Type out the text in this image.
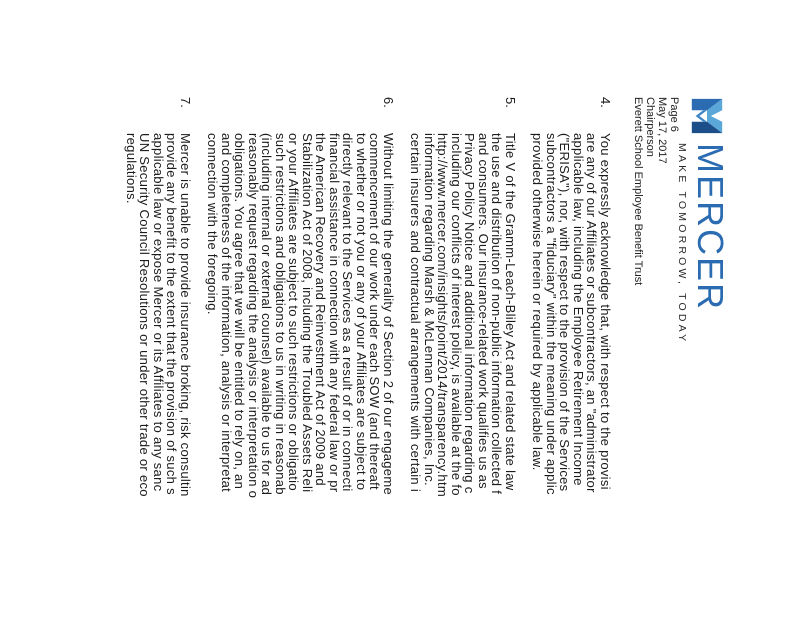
MERCER
MAKE TOMORROW, TODAY
Page 6
May 17, 2017
Chairperson
Everett School Employee Benefit Trust
4.
You expressly acknowledge that, with respect to the provisi
are any of our Affiliates or subcontractors, an "administrator
applicable law, including the Employee Retirement Income
("ERISA"), nor, with respect to the provision of the Services
subcontractors a "fiduciary" within the meaning under applic
provided otherwise herein or required by applicable law.
5.
Title V of the Gramm-Leach-Bliley Act and related state law
the use and distribution of non-public information collected f
and consumers. Our insurance-related work qualifies us as
Privacy Policy Notice and additional information regarding c
including our conflicts of interest policy, is available at the fo
http://www.mercer.com/insights/point/2014/transparency.htm
information regarding Marsh & McLennan Companies, Inc.
certain insurers and contractual arrangements with certain i
6.
Without limiting the generality of Section 2 of our engageme
commencement of our work under each SOW (and thereaft
to whether or not you or any of your Affiliates are subject to
directly relevant to the Services as a result of or in connecti
financial assistance in connection with any federal law or pr
the American Recovery and Reinvestment Act of 2009 and
Stabilization Act of 2008, including the Troubled Assets Reli
or your Affiliates are subject to such restrictions or obligatio
such restrictions and obligations to us in writing in reasonab
(including internal or external counsel) available to us for ad
reasonably request regarding the analysis or interpretation o
obligations. You agree that we will be entitled to rely on, an
and completeness of the information, analysis or interpretat
connection with the foregoing.
7.
Mercer is unable to provide insurance broking, risk consultin
provide any benefit to the extent that the provision of such s
applicable law or expose Mercer or its Affiliates to any sanc
UN Security Council Resolutions or under other trade or eco
regulations.
